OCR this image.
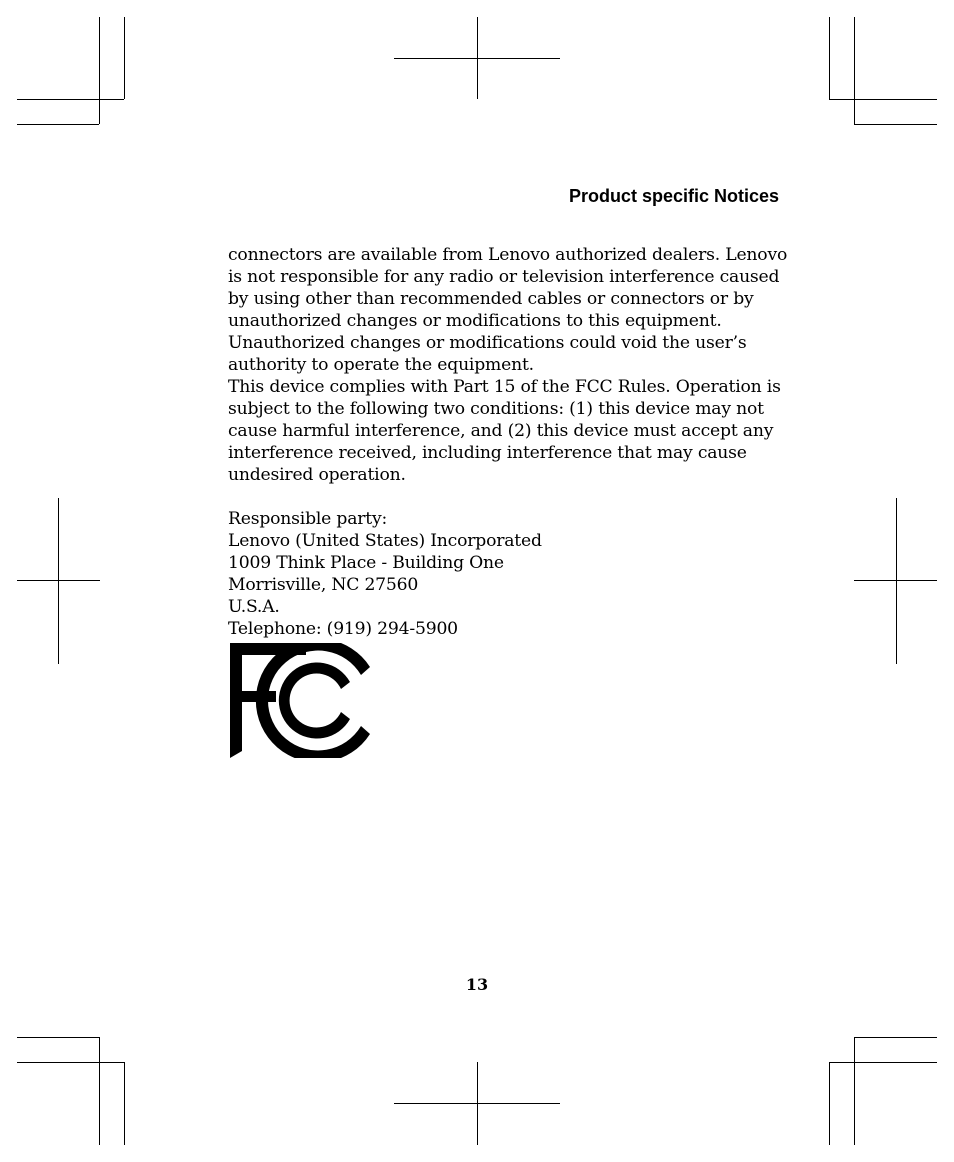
Product specific Notices

connectors are available from Lenovo authorized dealers. Lenovo is not responsible for any radio or television interference caused by using other than recommended cables or connectors or by unauthorized changes or modifications to this equipment. Unauthorized changes or modifications could void the user’s authority to operate the equipment.

This device complies with Part 15 of the FCC Rules. Operation is subject to the following two conditions: (1) this device may not cause harmful interference, and (2) this device must accept any interference received, including interference that may cause undesired operation.

Responsible party:
Lenovo (United States) Incorporated
1009 Think Place - Building One
Morrisville, NC 27560
U.S.A.
Telephone: (919) 294-5900
13
